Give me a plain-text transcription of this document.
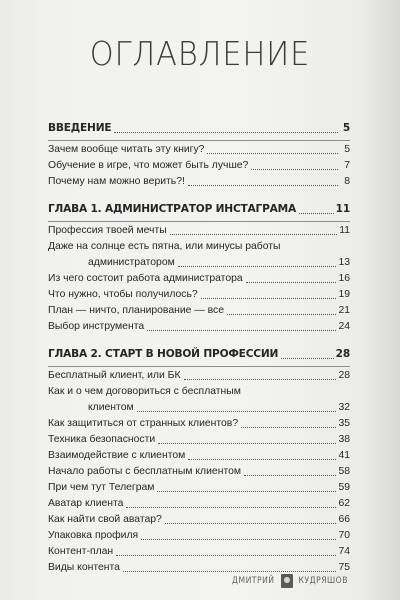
ОГЛАВЛЕНИЕ
ВВЕДЕНИЕ	5
Зачем вообще читать эту книгу?	5
Обучение в игре, что может быть лучше?	7
Почему нам можно верить?!	8
ГЛАВА 1. АДМИНИСТРАТОР ИНСТАГРАМА	11
Профессия твоей мечты	11
Даже на солнце есть пятна, или минусы работы
администратором	13
Из чего состоит работа администратора	16
Что нужно, чтобы получилось?	19
План — ничто, планирование — все	21
Выбор инструмента	24
ГЛАВА 2. СТАРТ В НОВОЙ ПРОФЕССИИ	28
Бесплатный клиент, или БК	28
Как и о чем договориться с бесплатным
клиентом	32
Как защититься от странных клиентов?	35
Техника безопасности	38
Взаимодействие с клиентом	41
Начало работы с бесплатным клиентом	58
При чем тут Телеграм	59
Аватар клиента	62
Как найти свой аватар?	66
Упаковка профиля	70
Контент-план	74
Виды контента	75
ДМИТРИЙ	КУДРЯШОВ
